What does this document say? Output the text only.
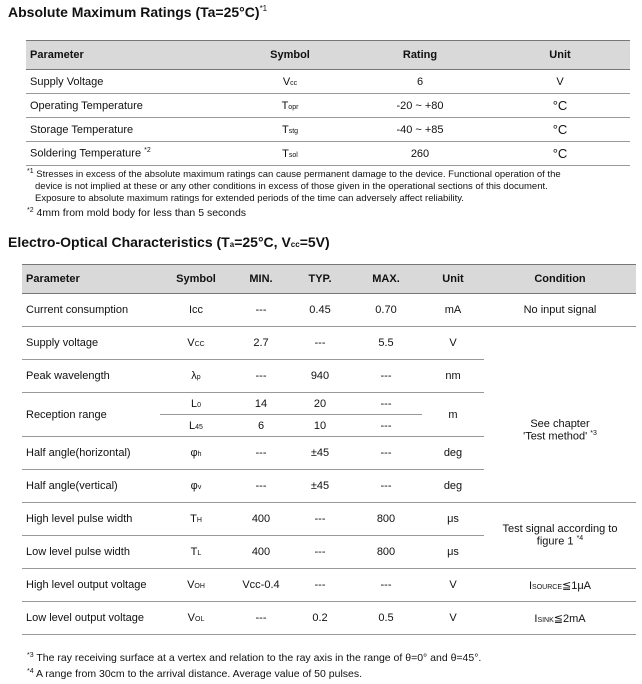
Absolute Maximum Ratings (Ta=25°C)$^{*1}$
Parameter	Symbol	Rating	Unit
Supply Voltage	Vcc	6	V
Operating Temperature	Topr	-20 ~ +80	°C
Storage Temperature	Tstg	-40 ~ +85	°C
Soldering Temperature $^{*2}$	Tsol	260	°C
$^{*1}$ Stresses in excess of the absolute maximum ratings can cause permanent damage to the device. Functional operation of the
device is not implied at these or any other conditions in excess of those given in the operational sections of this document.
Exposure to absolute maximum ratings for extended periods of the time can adversely affect reliability.
$^{*2}$ 4mm from mold body for less than 5 seconds
Electro-Optical Characteristics (Ta=25°C, Vcc=5V)
Parameter	Symbol	MIN.	TYP.	MAX.	Unit	Condition
Current consumption	Icc	---	0.45	0.70	mA	No input signal
Supply voltage	VCC	2.7	---	5.5	V	
Peak wavelength	λp	---	940	---	nm	See chapter
'Test method' $^{*3}$

Reception range	L0	14	20	---	m	
	L45	6	10	---		
Half angle(horizontal)	φh	---	±45	---	deg	
Half angle(vertical)	φv	---	±45	---	deg	
High level pulse width	TH	400	---	800	μs	Test signal according to
figure 1 $^{*4}$

Low level pulse width	TL	400	---	800	μs	
High level output voltage	VOH	Vcc-0.4	---	---	V	ISOURCE≦1μA
Low level output voltage	VOL	---	0.2	0.5	V	ISINK≦2mA
$^{*3}$ The ray receiving surface at a vertex and relation to the ray axis in the range of θ=0° and θ=45°.
$^{*4}$ A range from 30cm to the arrival distance. Average value of 50 pulses.
